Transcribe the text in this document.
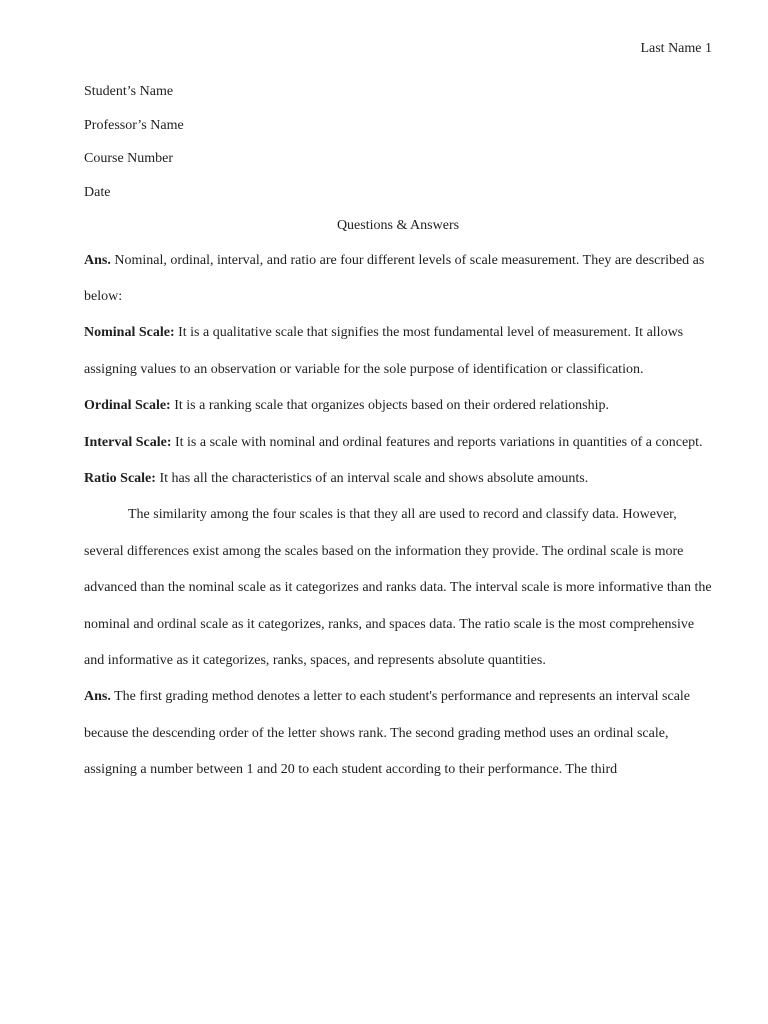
Last Name 1

Student’s Name

Professor’s Name

Course Number

Date

Questions & Answers

Ans. Nominal, ordinal, interval, and ratio are four different levels of scale measurement. They are described as below:

Nominal Scale: It is a qualitative scale that signifies the most fundamental level of measurement. It allows assigning values to an observation or variable for the sole purpose of identification or classification.

Ordinal Scale: It is a ranking scale that organizes objects based on their ordered relationship.

Interval Scale: It is a scale with nominal and ordinal features and reports variations in quantities of a concept.

Ratio Scale: It has all the characteristics of an interval scale and shows absolute amounts.

The similarity among the four scales is that they all are used to record and classify data. However, several differences exist among the scales based on the information they provide. The ordinal scale is more advanced than the nominal scale as it categorizes and ranks data. The interval scale is more informative than the nominal and ordinal scale as it categorizes, ranks, and spaces data. The ratio scale is the most comprehensive and informative as it categorizes, ranks, spaces, and represents absolute quantities.

Ans. The first grading method denotes a letter to each student's performance and represents an interval scale because the descending order of the letter shows rank. The second grading method uses an ordinal scale, assigning a number between 1 and 20 to each student according to their performance. The third
